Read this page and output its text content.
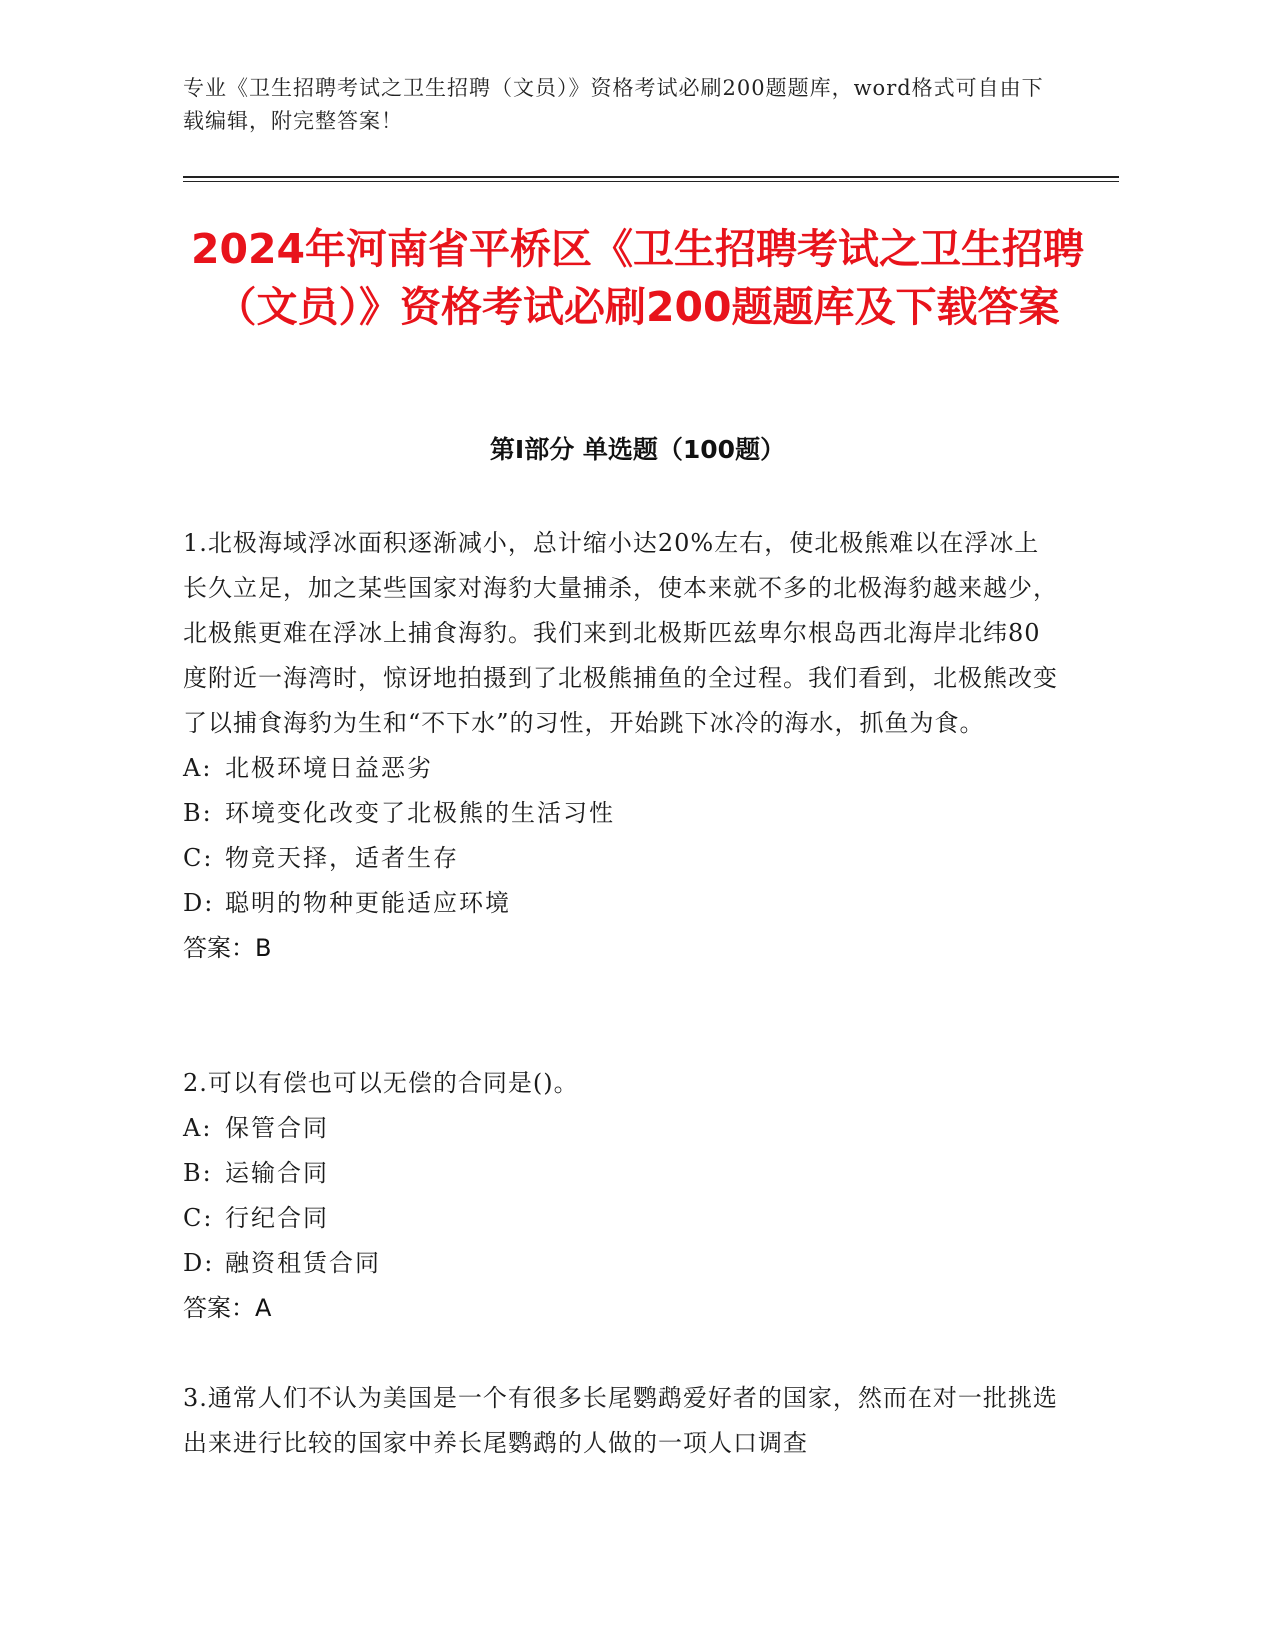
专业《卫生招聘考试之卫生招聘（文员）》资格考试必刷200题题库，word格式可自由下载编辑，附完整答案！
2024年河南省平桥区《卫生招聘考试之卫生招聘（文员）》资格考试必刷200题题库及下载答案
第Ⅰ部分 单选题（100题）

1.北极海域浮冰面积逐渐减小，总计缩小达20%左右，使北极熊难以在浮冰上长久立足，加之某些国家对海豹大量捕杀，使本来就不多的北极海豹越来越少，北极熊更难在浮冰上捕食海豹。我们来到北极斯匹兹卑尔根岛西北海岸北纬80度附近一海湾时，惊讶地拍摄到了北极熊捕鱼的全过程。我们看到，北极熊改变了以捕食海豹为生和“不下水”的习性，开始跳下冰冷的海水，抓鱼为食。

A: 北极环境日益恶劣

B: 环境变化改变了北极熊的生活习性

C: 物竞天择，适者生存

D: 聪明的物种更能适应环境

答案：B

2.可以有偿也可以无偿的合同是()。

A: 保管合同

B: 运输合同

C: 行纪合同

D: 融资租赁合同

答案：A

3.通常人们不认为美国是一个有很多长尾鹦鹉爱好者的国家，然而在对一批挑选出来进行比较的国家中养长尾鹦鹉的人做的一项人口调查
